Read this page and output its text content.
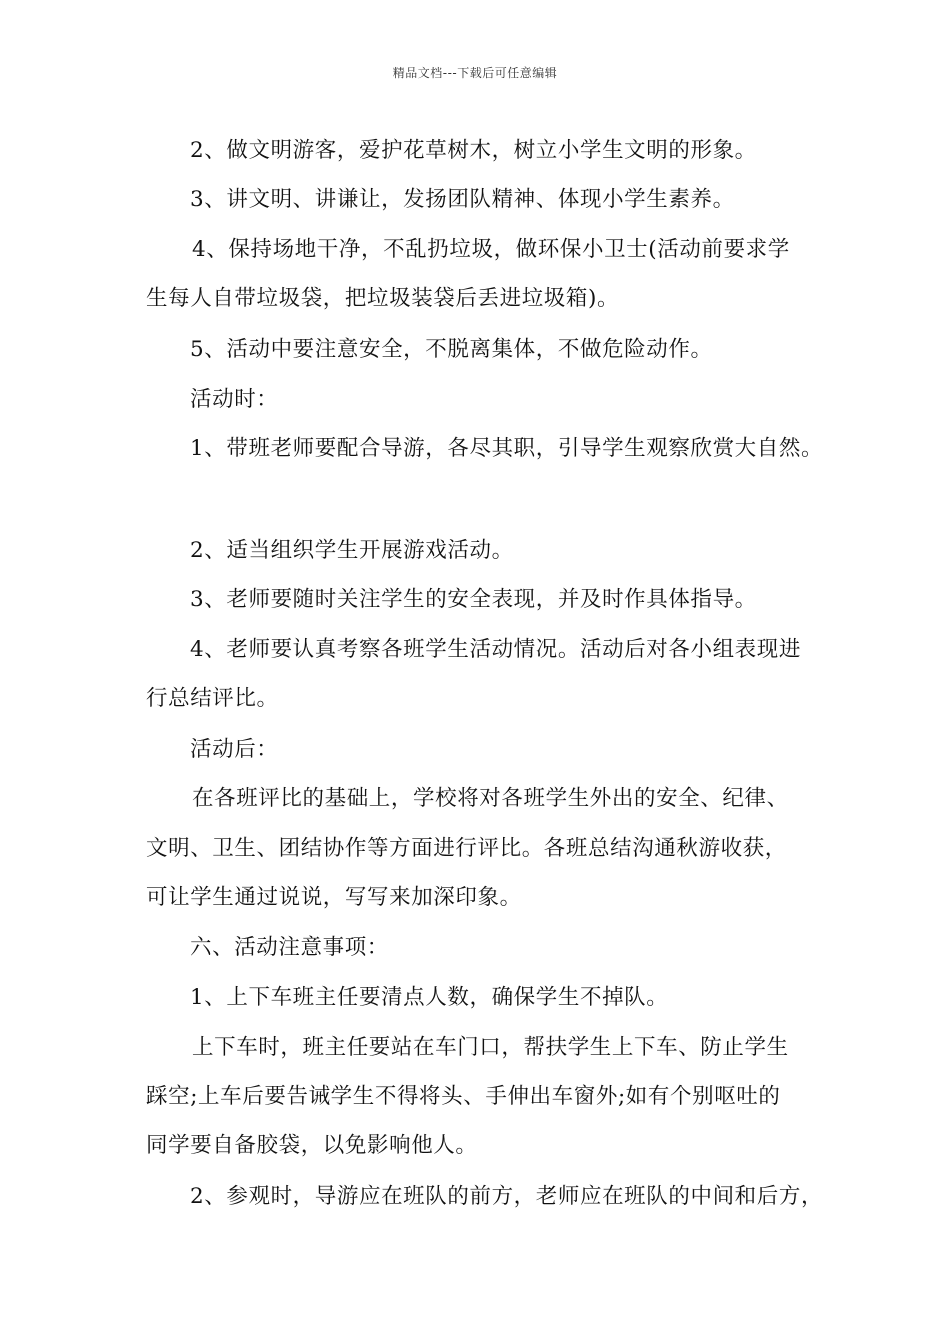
精品文档---下载后可任意编辑
2、做文明游客，爱护花草树木，树立小学生文明的形象。
3、讲文明、讲谦让，发扬团队精神、体现小学生素养。
4、保持场地干净，不乱扔垃圾，做环保小卫士(活动前要求学
生每人自带垃圾袋，把垃圾装袋后丢进垃圾箱)。
5、活动中要注意安全，不脱离集体，不做危险动作。
活动时：
1、带班老师要配合导游，各尽其职，引导学生观察欣赏大自然。
2、适当组织学生开展游戏活动。
3、老师要随时关注学生的安全表现，并及时作具体指导。
4、老师要认真考察各班学生活动情况。活动后对各小组表现进
行总结评比。
活动后：
在各班评比的基础上，学校将对各班学生外出的安全、纪律、
文明、卫生、团结协作等方面进行评比。各班总结沟通秋游收获，
可让学生通过说说，写写来加深印象。
六、活动注意事项：
1、上下车班主任要清点人数，确保学生不掉队。
上下车时，班主任要站在车门口，帮扶学生上下车、防止学生
踩空;上车后要告诫学生不得将头、手伸出车窗外;如有个别呕吐的
同学要自备胶袋，以免影响他人。
2、参观时，导游应在班队的前方，老师应在班队的中间和后方，
